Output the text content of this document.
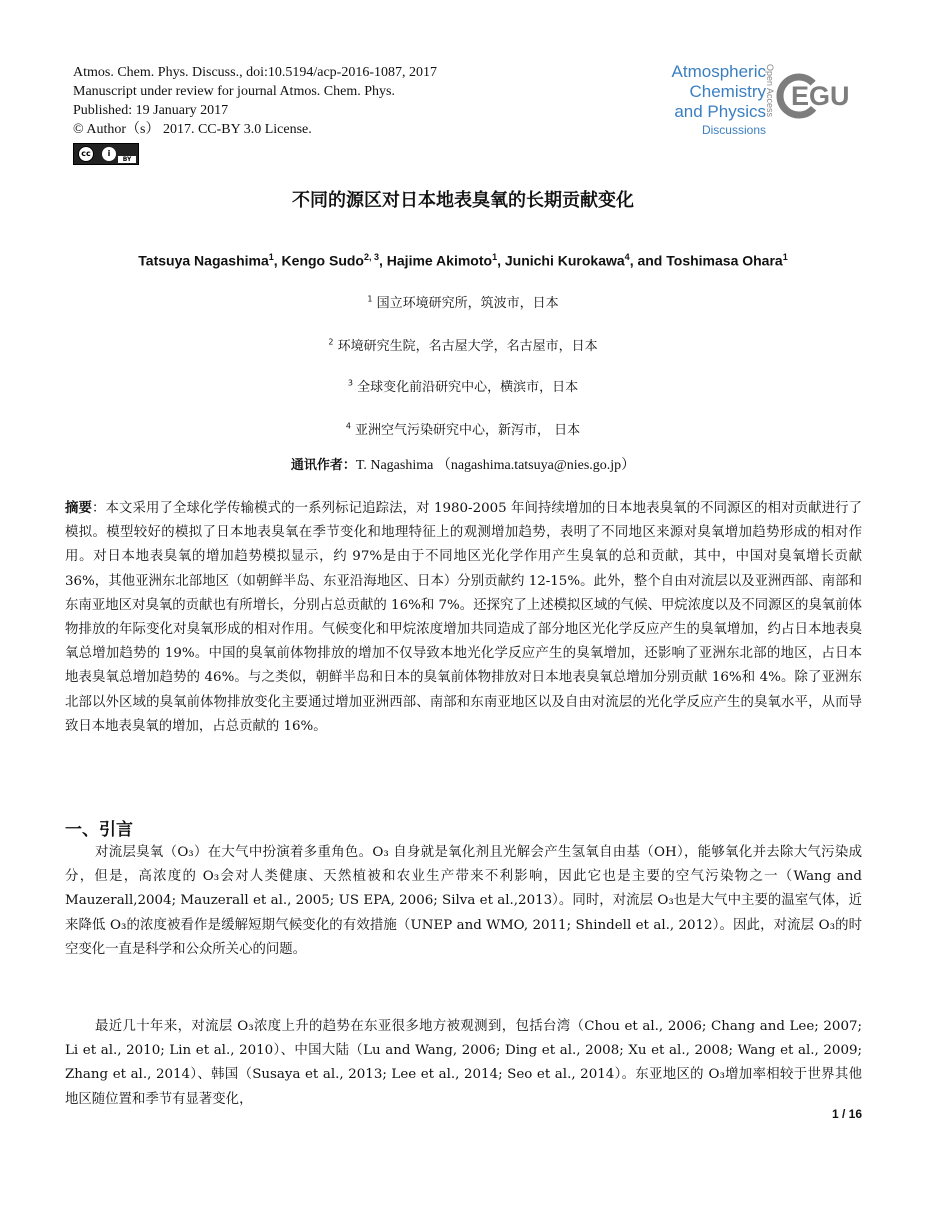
Atmos. Chem. Phys. Discuss., doi:10.5194/acp-2016-1087, 2017
Manuscript under review for journal Atmos. Chem. Phys.
Published: 19 January 2017
© Author（s） 2017. CC-BY 3.0 License.
cc	i
BY
Atmospheric
Chemistry
and Physics
Discussions
Open Access EGU
不同的源区对日本地表臭氧的长期贡献变化
Tatsuya Nagashima$^1$, Kengo Sudo$^{2, 3}$, Hajime Akimoto$^1$, Junichi Kurokawa$^4$, and Toshimasa Ohara$^1$
$^1$ 国立环境研究所，筑波市，日本
$^2$ 环境研究生院，名古屋大学，名古屋市，日本
$^3$ 全球变化前沿研究中心，横滨市，日本
$^4$ 亚洲空气污染研究中心，新泻市， 日本
通讯作者：T. Nagashima （nagashima.tatsuya@nies.go.jp）
摘要：本文采用了全球化学传输模式的一系列标记追踪法，对 1980-2005 年间持续增加的日本地表臭氧的不同源区的相对贡献进行了模拟。模型较好的模拟了日本地表臭氧在季节变化和地理特征上的观测增加趋势，表明了不同地区来源对臭氧增加趋势形成的相对作用。对日本地表臭氧的增加趋势模拟显示，约 97%是由于不同地区光化学作用产生臭氧的总和贡献，其中，中国对臭氧增长贡献 36%，其他亚洲东北部地区（如朝鲜半岛、东亚沿海地区、日本）分别贡献约 12-15%。此外，整个自由对流层以及亚洲西部、南部和东南亚地区对臭氧的贡献也有所增长，分别占总贡献的 16%和 7%。还探究了上述模拟区域的气候、甲烷浓度以及不同源区的臭氧前体物排放的年际变化对臭氧形成的相对作用。气候变化和甲烷浓度增加共同造成了部分地区光化学反应产生的臭氧增加，约占日本地表臭氧总增加趋势的 19%。中国的臭氧前体物排放的增加不仅导致本地光化学反应产生的臭氧增加，还影响了亚洲东北部的地区，占日本地表臭氧总增加趋势的 46%。与之类似，朝鲜半岛和日本的臭氧前体物排放对日本地表臭氧总增加分别贡献 16%和 4%。除了亚洲东北部以外区域的臭氧前体物排放变化主要通过增加亚洲西部、南部和东南亚地区以及自由对流层的光化学反应产生的臭氧水平，从而导致日本地表臭氧的增加，占总贡献的 16%。
一、引言
对流层臭氧（O₃）在大气中扮演着多重角色。O₃ 自身就是氧化剂且光解会产生氢氧自由基（OH），能够氧化并去除大气污染成分，但是，高浓度的 O₃会对人类健康、天然植被和农业生产带来不利影响，因此它也是主要的空气污染物之一（Wang and Mauzerall,2004; Mauzerall et al., 2005; US EPA, 2006; Silva et al.,2013）。同时，对流层 O₃也是大气中主要的温室气体，近来降低 O₃的浓度被看作是缓解短期气候变化的有效措施（UNEP and WMO, 2011; Shindell et al., 2012）。因此，对流层 O₃的时空变化一直是科学和公众所关心的问题。
最近几十年来，对流层 O₃浓度上升的趋势在东亚很多地方被观测到，包括台湾（Chou et al., 2006; Chang and Lee; 2007; Li et al., 2010; Lin et al., 2010）、中国大陆（Lu and Wang, 2006; Ding et al., 2008; Xu et al., 2008; Wang et al., 2009; Zhang et al., 2014）、韩国（Susaya et al., 2013; Lee et al., 2014; Seo et al., 2014）。东亚地区的 O₃增加率相较于世界其他地区随位置和季节有显著变化，
1 / 16
